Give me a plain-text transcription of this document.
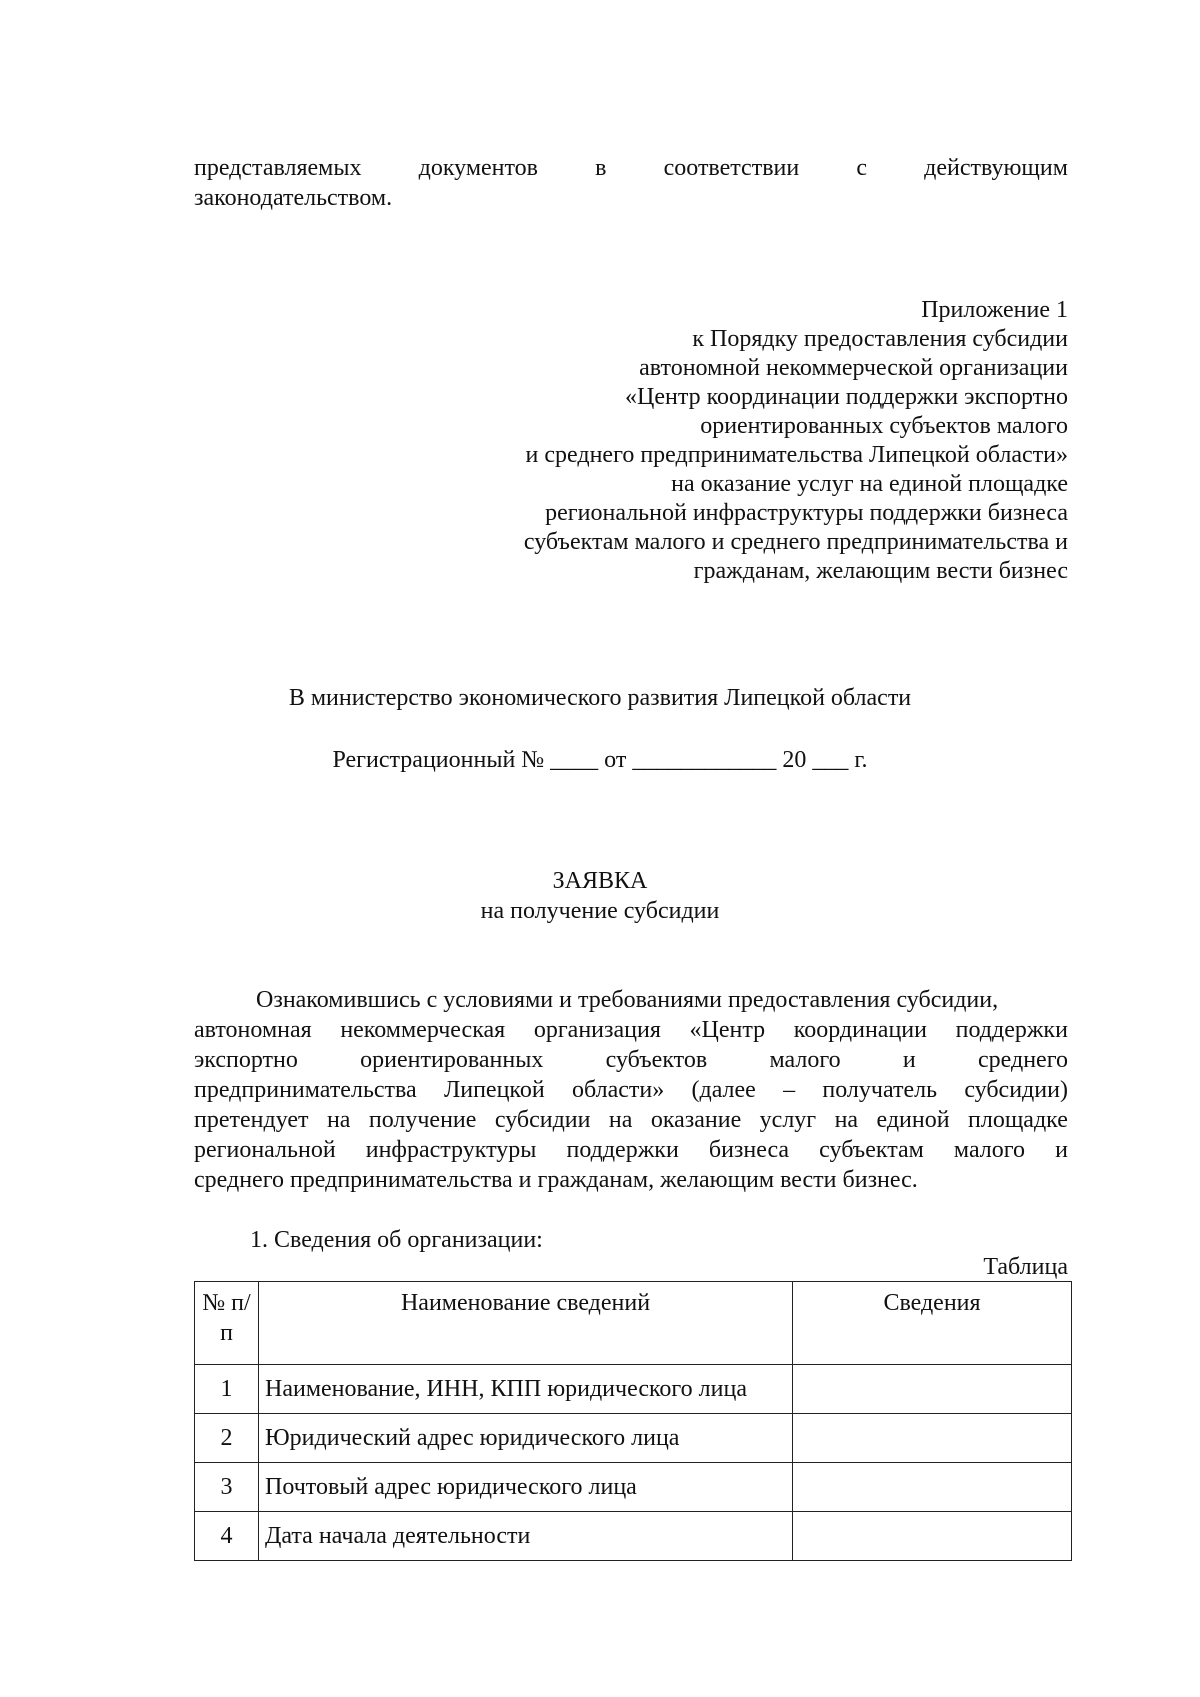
представляемых документов в соответствии с действующим
законодательством.
Приложение 1
к Порядку предоставления субсидии
автономной некоммерческой организации
«Центр координации поддержки экспортно
ориентированных субъектов малого
и среднего предпринимательства Липецкой области»
на оказание услуг на единой площадке
региональной инфраструктуры поддержки бизнеса
субъектам малого и среднего предпринимательства и
гражданам, желающим вести бизнес
В министерство экономического развития Липецкой области
Регистрационный № ____ от ____________ 20 ___ г.
ЗАЯВКА
на получение субсидии
Ознакомившись с условиями и требованиями предоставления субсидии,
автономная некоммерческая организация «Центр координации поддержки
экспортно	ориентированных	субъектов	малого	и	среднего
предпринимательства Липецкой области» (далее – получатель субсидии)
претендует на получение субсидии на оказание услуг на единой площадке
региональной инфраструктуры поддержки бизнеса субъектам малого и
среднего предпринимательства и гражданам, желающим вести бизнес.
1. Сведения об организации:
Таблица
№ п/п	Наименование сведений	Сведения
1	Наименование, ИНН, КПП юридического лица	
2	Юридический адрес юридического лица	
3	Почтовый адрес юридического лица	
4	Дата начала деятельности	
